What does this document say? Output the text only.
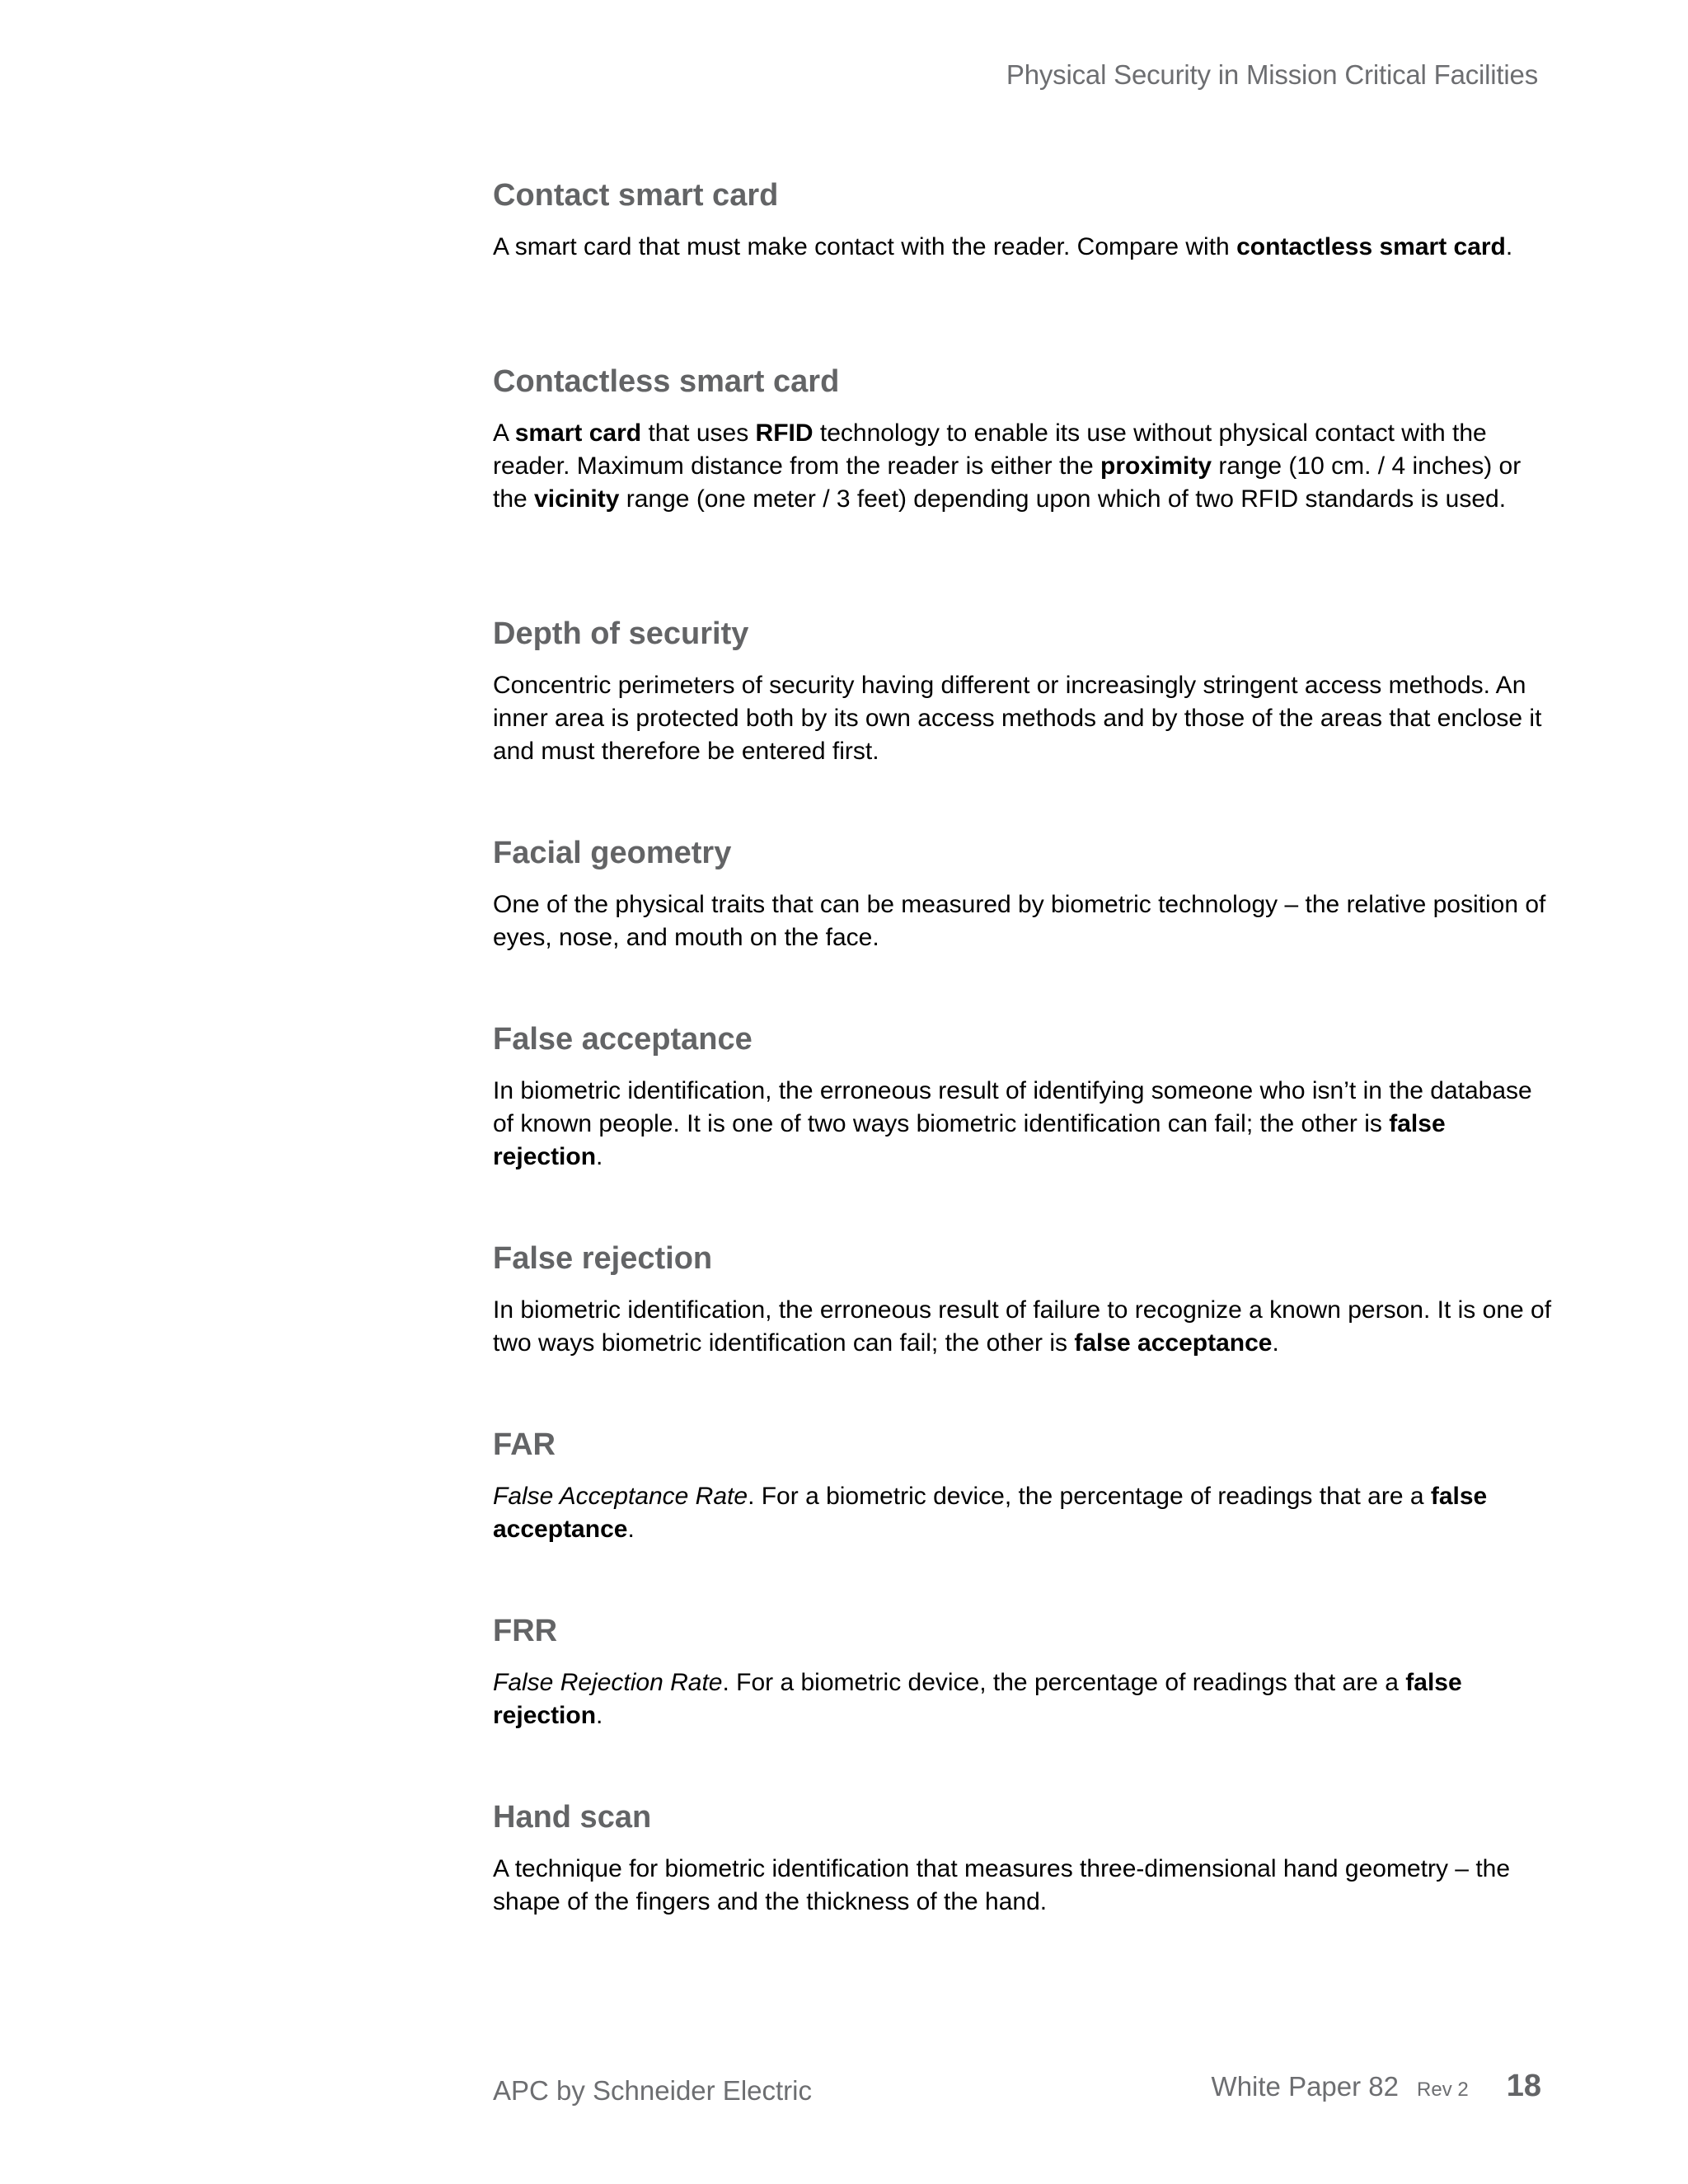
Physical Security in Mission Critical Facilities
Contact smart card

A smart card that must make contact with the reader. Compare with contactless smart card.

Contactless smart card

A smart card that uses RFID technology to enable its use without physical contact with the reader. Maximum distance from the reader is either the proximity range (10 cm. / 4 inches) or the vicinity range (one meter / 3 feet) depending upon which of two RFID standards is used.

Depth of security

Concentric perimeters of security having different or increasingly stringent access methods. An inner area is protected both by its own access methods and by those of the areas that enclose it and must therefore be entered first.

Facial geometry

One of the physical traits that can be measured by biometric technology – the relative position of eyes, nose, and mouth on the face.

False acceptance

In biometric identification, the erroneous result of identifying someone who isn’t in the database of known people. It is one of two ways biometric identification can fail; the other is false rejection.

False rejection

In biometric identification, the erroneous result of failure to recognize a known person. It is one of two ways biometric identification can fail; the other is false acceptance.

FAR

False Acceptance Rate. For a biometric device, the percentage of readings that are a false acceptance.

FRR

False Rejection Rate. For a biometric device, the percentage of readings that are a false rejection.

Hand scan

A technique for biometric identification that measures three-dimensional hand geometry – the shape of the fingers and the thickness of the hand.

APC by Schneider Electric	White Paper 82 Rev 2 18
